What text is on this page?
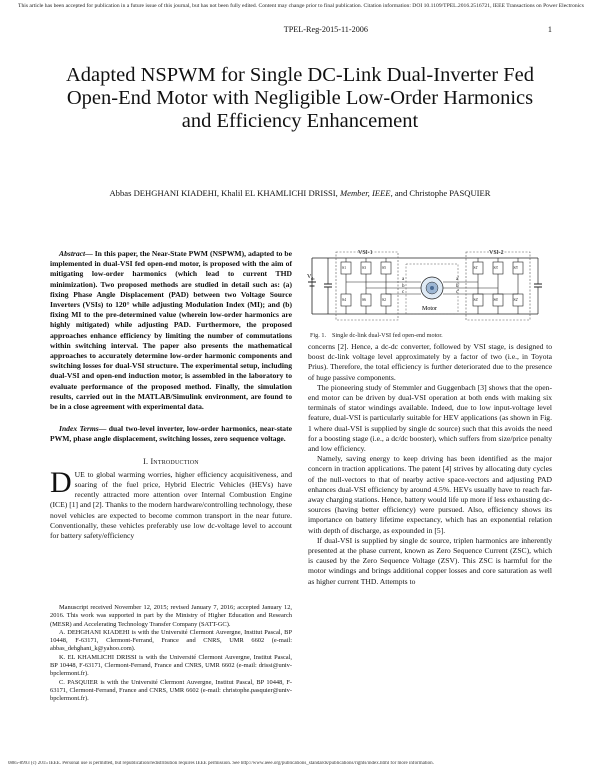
This article has been accepted for publication in a future issue of this journal, but has not been fully edited. Content may change prior to final publication. Citation information: DOI 10.1109/TPEL.2016.2516721, IEEE Transactions on Power Electronics
TPEL-Reg-2015-11-2006	1
Adapted NSPWM for Single DC-Link Dual-Inverter Fed Open-End Motor with Negligible Low-Order Harmonics and Efficiency Enhancement
Abbas DEHGHANI KIADEHI, Khalil EL KHAMLICHI DRISSI, Member, IEEE, and Christophe PASQUIER

Abstract— In this paper, the Near-State PWM (NSPWM), adapted to be implemented in dual-VSI fed open-end motor, is proposed with the aim of mitigating low-order harmonics (which lead to current THD minimization). Two proposed methods are studied in detail such as: (a) fixing Phase Angle Displacement (PAD) between two Voltage Source Inverters (VSIs) to 120° while adjusting Modulation Index (MI); and (b) fixing MI to the pre-determined value (wherein low-order harmonics are highly mitigated) while adjusting PAD. Furthermore, the proposed approaches enhance efficiency by limiting the number of commutations within switching interval. The paper also presents the mathematical approaches to accurately determine low-order harmonic components and switching losses for dual-VSI structure. The experimental setup, including dual-VSI and open-end induction motor, is assembled in the laboratory to evaluate performance of the proposed method. Finally, the simulation results, carried out in the MATLAB/Simulink environment, are found to be in a close agreement with experimental data.

Index Terms— dual two-level inverter, low-order harmonics, near-state PWM, phase angle displacement, switching losses, zero sequence voltage.

I. Introduction

DUE to global warming worries, higher efficiency acquisitiveness, and soaring of the fuel price, Hybrid Electric Vehicles (HEVs) have recently attracted more attention over Internal Combustion Engine (ICE) [1] and [2]. Thanks to the modern hardware/controlling technology, these novel vehicles are expected to become common transport in the near future. Conventionally, these vehicles preferably use low dc-voltage level to account for battery safety/efficiency

Manuscript received November 12, 2015; revised January 7, 2016; accepted January 12, 2016. This work was supported in part by the Ministry of Higher Education and Research (MESR) and Accelerating Technology Transfer Company (SATT-GC).

A. DEHGHANI KIADEHI is with the Université Clermont Auvergne, Institut Pascal, BP 10448, F-63171, Clermont-Ferrand, France and CNRS, UMR 6602 (e-mail: abbas_dehghani_k@yahoo.com).

K. EL KHAMLICHI DRISSI is with the Université Clermont Auvergne, Institut Pascal, BP 10448, F-63171, Clermont-Ferrand, France and CNRS, UMR 6602 (e-mail: drissi@univ-bpclermont.fr).

C. PASQUIER is with the Université Clermont Auvergne, Institut Pascal, BP 10448, F-63171, Clermont-Ferrand, France and CNRS, UMR 6602 (e-mail: christophe.pasquier@univ-bpclermont.fr).

V dc
VSI-1
S1	S3	S5
S4	S6	S2
VSI-2
S1'	S3'	S5'
S4'	S6'	S2'
Motor
a
b
c
a'
b'
c'
Fig. 1. Single dc-link dual-VSI fed open-end motor.

concerns [2]. Hence, a dc-dc converter, followed by VSI stage, is designed to boost dc-link voltage level approximately by a factor of two (i.e., in Toyota Prius). Therefore, the total efficiency is further deteriorated due to the presence of huge passive components.

The pioneering study of Stemmler and Guggenbach [3] shows that the open-end motor can be driven by dual-VSI operation at both ends with making six terminals of stator windings available. Indeed, due to low input-voltage level feature, dual-VSI is particularly suitable for HEV applications (as shown in Fig. 1 where dual-VSI is supplied by single dc source) such that this avoids the need for a boosting stage (i.e., a dc/dc booster), which suffers from size/price penalty and low efficiency.

Namely, saving energy to keep driving has been identified as the major concern in traction applications. The patent [4] strives by allocating duty cycles of the null-vectors to that of nearby active space-vectors and adjusting PAD enhances dual-VSI efficiency by around 4.5%. HEVs usually have to reach far-away charging stations. Hence, battery would life up more if less exhausting dc-sources (having better efficiency) were pursued. Also, efficiency shows its importance on battery lifetime expectancy, which has an exponential relation with depth of discharge, as expounded in [5].

If dual-VSI is supplied by single dc source, triplen harmonics are inherently presented at the phase current, known as Zero Sequence Current (ZSC), which is caused by the Zero Sequence Voltage (ZSV). This ZSC is harmful for the motor windings and brings additional copper losses and core saturation as well as higher current THD. Attempts to

0885-8993 (c) 2015 IEEE. Personal use is permitted, but republication/redistribution requires IEEE permission. See http://www.ieee.org/publications_standards/publications/rights/index.html for more information.
